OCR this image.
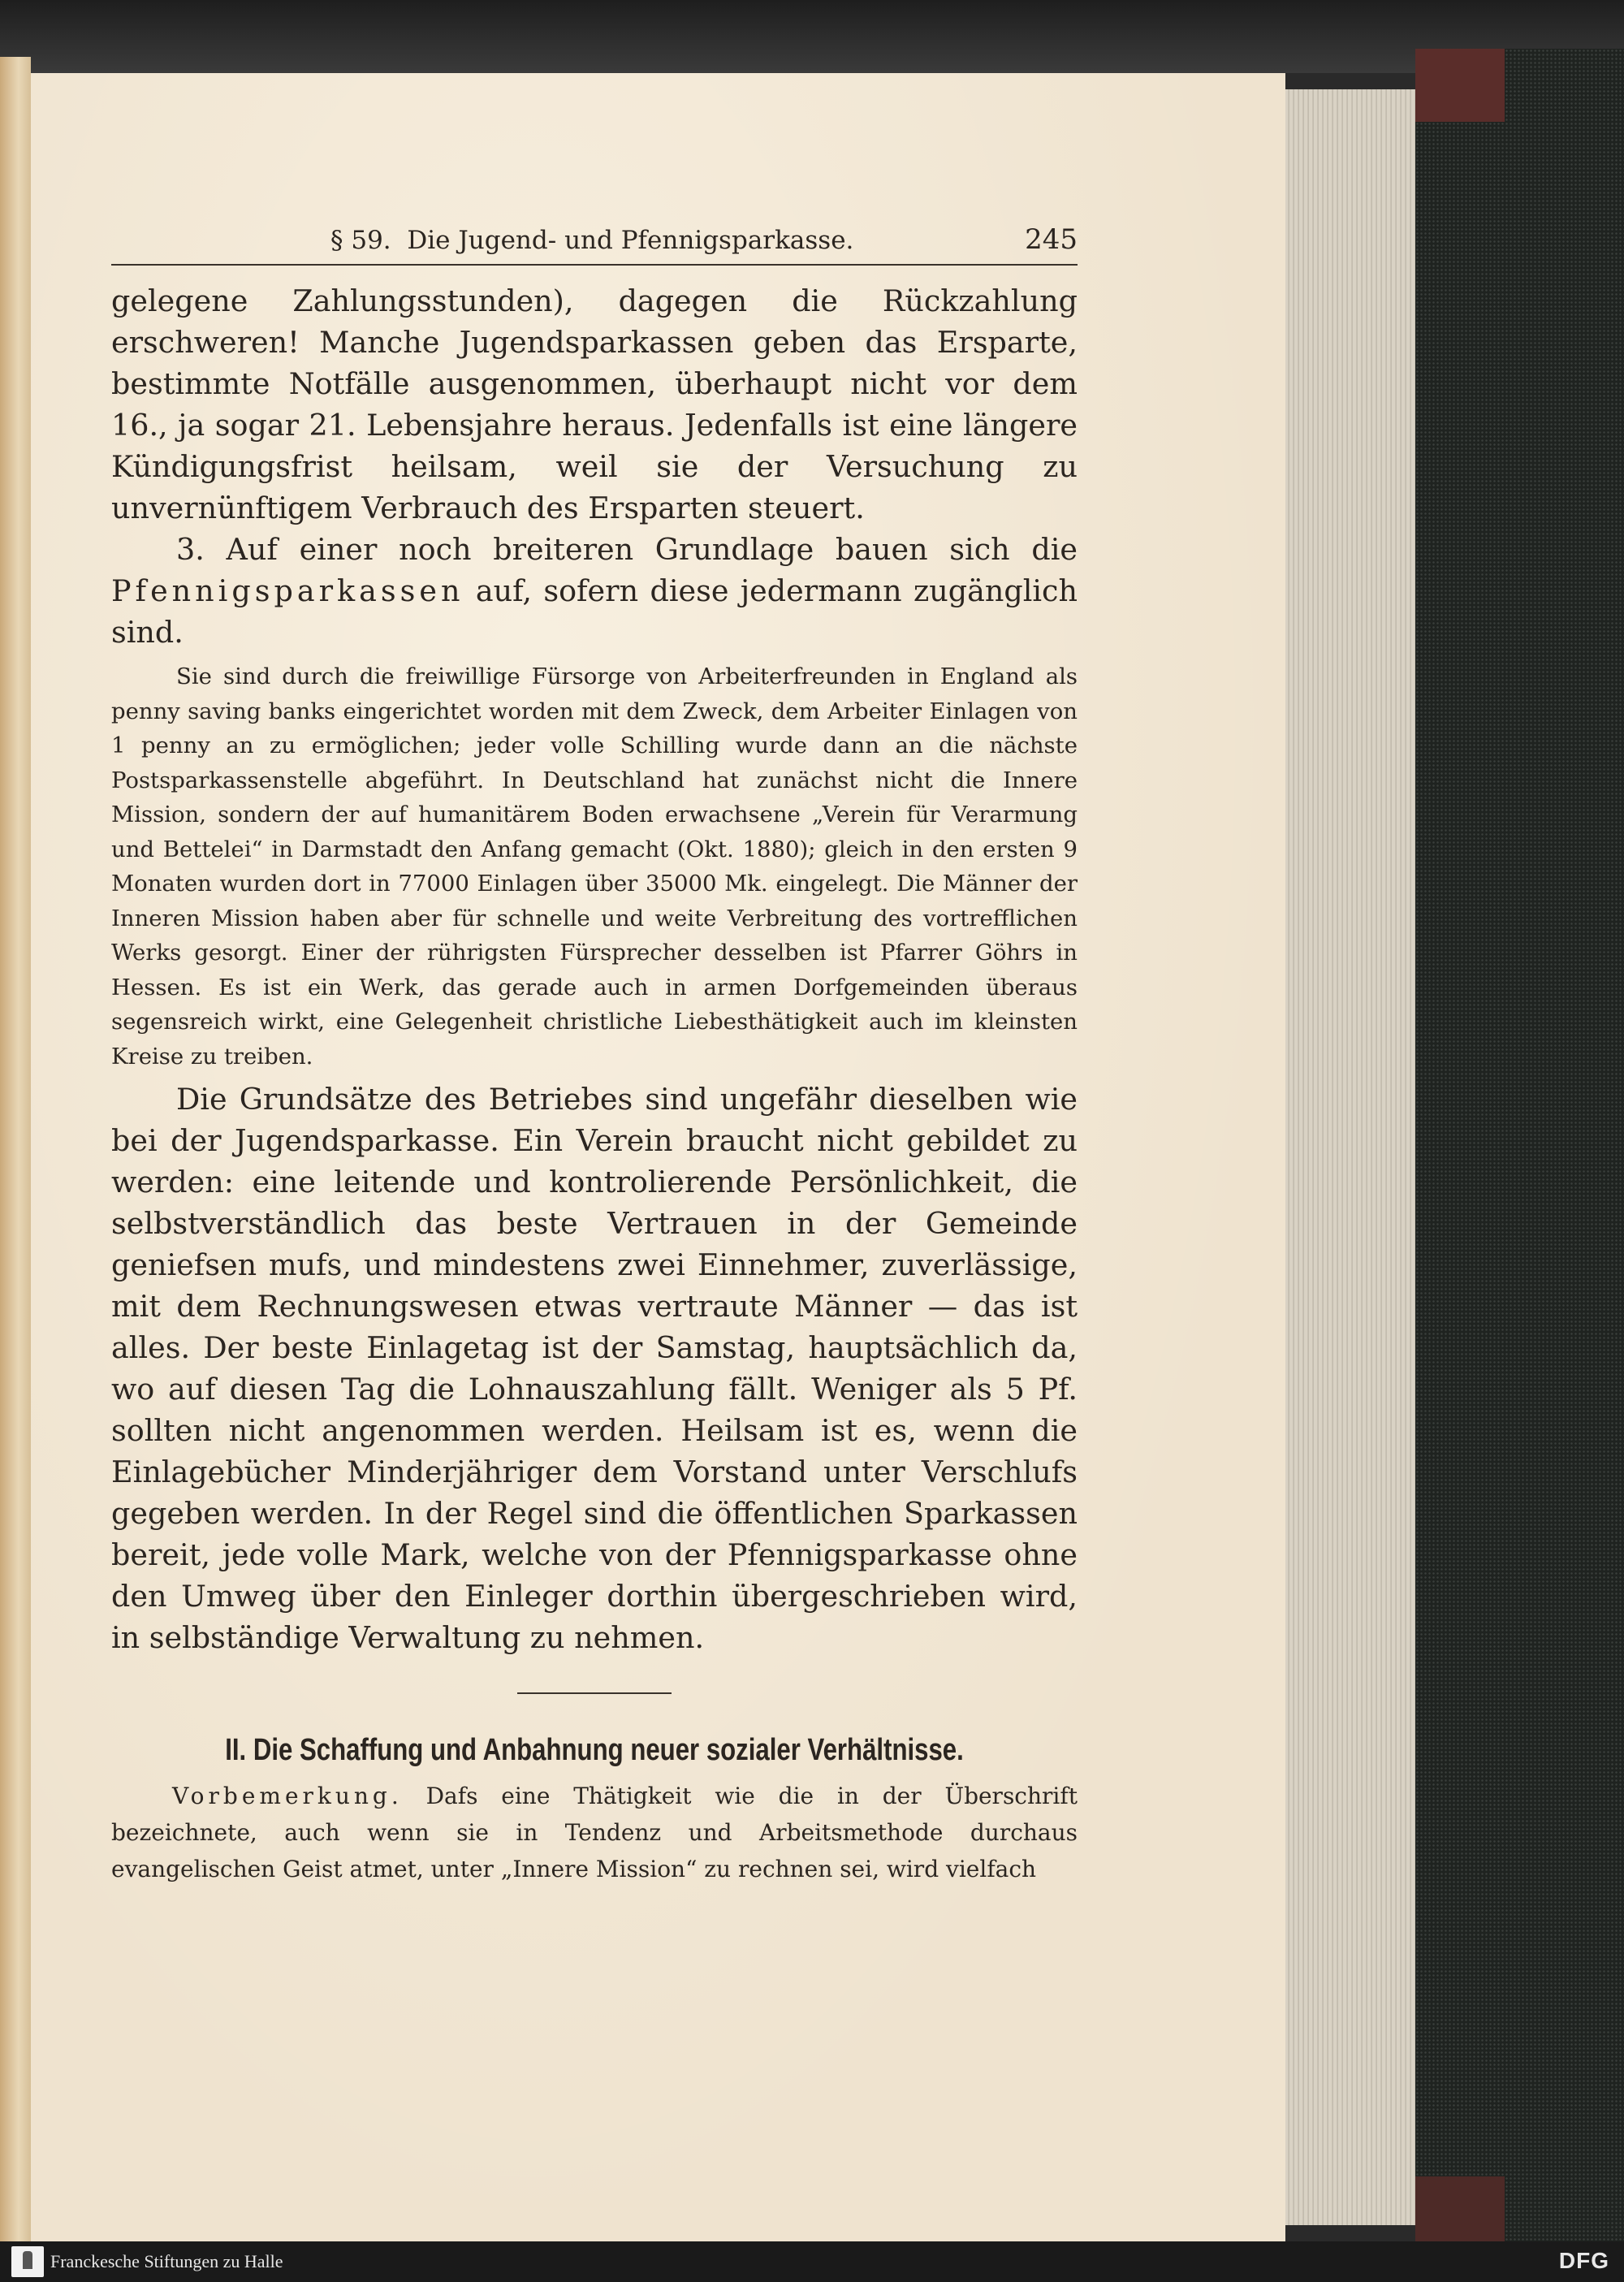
§ 59. Die Jugend- und Pfennigsparkasse.	245

gelegene Zahlungsstunden), dagegen die Rückzahlung erschweren! Manche Jugendsparkassen geben das Ersparte, bestimmte Notfälle ausgenommen, überhaupt nicht vor dem 16., ja sogar 21. Lebensjahre heraus. Jedenfalls ist eine längere Kündigungsfrist heilsam, weil sie der Versuchung zu unvernünftigem Verbrauch des Ersparten steuert.

3. Auf einer noch breiteren Grundlage bauen sich die Pfennigsparkassen auf, sofern diese jedermann zugänglich sind.

Sie sind durch die freiwillige Fürsorge von Arbeiterfreunden in England als penny saving banks eingerichtet worden mit dem Zweck, dem Arbeiter Einlagen von 1 penny an zu ermöglichen; jeder volle Schilling wurde dann an die nächste Postsparkassenstelle abgeführt. In Deutschland hat zunächst nicht die Innere Mission, sondern der auf humanitärem Boden erwachsene „Verein für Verarmung und Bettelei“ in Darmstadt den Anfang gemacht (Okt. 1880); gleich in den ersten 9 Monaten wurden dort in 77000 Einlagen über 35000 Mk. eingelegt. Die Männer der Inneren Mission haben aber für schnelle und weite Verbreitung des vortrefflichen Werks gesorgt. Einer der rührigsten Fürsprecher desselben ist Pfarrer Göhrs in Hessen. Es ist ein Werk, das gerade auch in armen Dorfgemeinden überaus segensreich wirkt, eine Gelegenheit christliche Liebesthätigkeit auch im kleinsten Kreise zu treiben.

Die Grundsätze des Betriebes sind ungefähr dieselben wie bei der Jugendsparkasse. Ein Verein braucht nicht gebildet zu werden: eine leitende und kontrolierende Persönlichkeit, die selbstverständlich das beste Vertrauen in der Gemeinde geniefsen mufs, und mindestens zwei Einnehmer, zuverlässige, mit dem Rechnungswesen etwas vertraute Männer — das ist alles. Der beste Einlagetag ist der Samstag, hauptsächlich da, wo auf diesen Tag die Lohnauszahlung fällt. Weniger als 5 Pf. sollten nicht angenommen werden. Heilsam ist es, wenn die Einlagebücher Minderjähriger dem Vorstand unter Verschlufs gegeben werden. In der Regel sind die öffentlichen Sparkassen bereit, jede volle Mark, welche von der Pfennigsparkasse ohne den Umweg über den Einleger dorthin übergeschrieben wird, in selbständige Verwaltung zu nehmen.

II. Die Schaffung und Anbahnung neuer sozialer Verhältnisse.

Vorbemerkung. Dafs eine Thätigkeit wie die in der Überschrift bezeichnete, auch wenn sie in Tendenz und Arbeitsmethode durchaus evangelischen Geist atmet, unter „Innere Mission“ zu rechnen sei, wird vielfach

Franckesche Stiftungen zu Halle	DFG
